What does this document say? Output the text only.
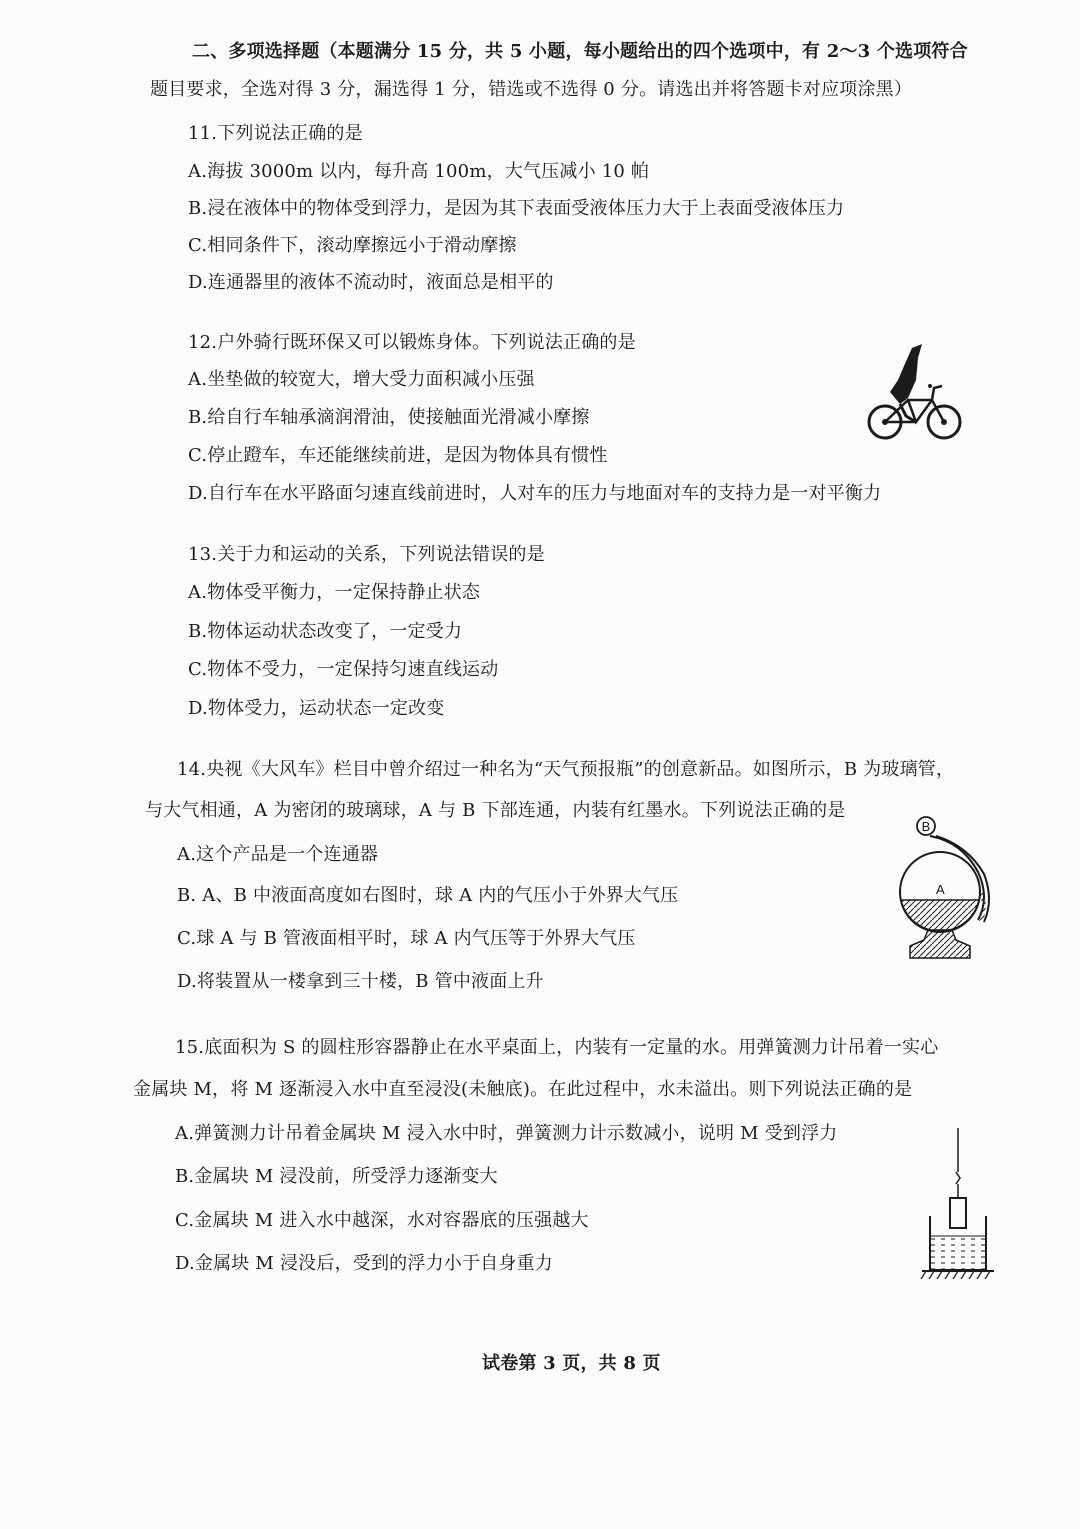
二、多项选择题（本题满分 15 分，共 5 小题，每小题给出的四个选项中，有 2～3 个选项符合
题目要求，全选对得 3 分，漏选得 1 分，错选或不选得 0 分。请选出并将答题卡对应项涂黑）
11.下列说法正确的是
A.海拔 3000m 以内，每升高 100m，大气压减小 10 帕
B.浸在液体中的物体受到浮力，是因为其下表面受液体压力大于上表面受液体压力
C.相同条件下，滚动摩擦远小于滑动摩擦
D.连通器里的液体不流动时，液面总是相平的
12.户外骑行既环保又可以锻炼身体。下列说法正确的是
A.坐垫做的较宽大，增大受力面积减小压强
B.给自行车轴承滴润滑油，使接触面光滑减小摩擦
C.停止蹬车，车还能继续前进，是因为物体具有惯性
D.自行车在水平路面匀速直线前进时，人对车的压力与地面对车的支持力是一对平衡力
13.关于力和运动的关系，下列说法错误的是
A.物体受平衡力，一定保持静止状态
B.物体运动状态改变了，一定受力
C.物体不受力，一定保持匀速直线运动
D.物体受力，运动状态一定改变
14.央视《大风车》栏目中曾介绍过一种名为“天气预报瓶”的创意新品。如图所示，B 为玻璃管，
与大气相通，A 为密闭的玻璃球，A 与 B 下部连通，内装有红墨水。下列说法正确的是
A.这个产品是一个连通器
B. A、B 中液面高度如右图时，球 A 内的气压小于外界大气压
C.球 A 与 B 管液面相平时，球 A 内气压等于外界大气压
D.将装置从一楼拿到三十楼，B 管中液面上升
B
A
15.底面积为 S 的圆柱形容器静止在水平桌面上，内装有一定量的水。用弹簧测力计吊着一实心
金属块 M，将 M 逐渐浸入水中直至浸没(未触底)。在此过程中，水未溢出。则下列说法正确的是
A.弹簧测力计吊着金属块 M 浸入水中时，弹簧测力计示数减小，说明 M 受到浮力
B.金属块 M 浸没前，所受浮力逐渐变大
C.金属块 M 进入水中越深，水对容器底的压强越大
D.金属块 M 浸没后，受到的浮力小于自身重力
试卷第 3 页，共 8 页
